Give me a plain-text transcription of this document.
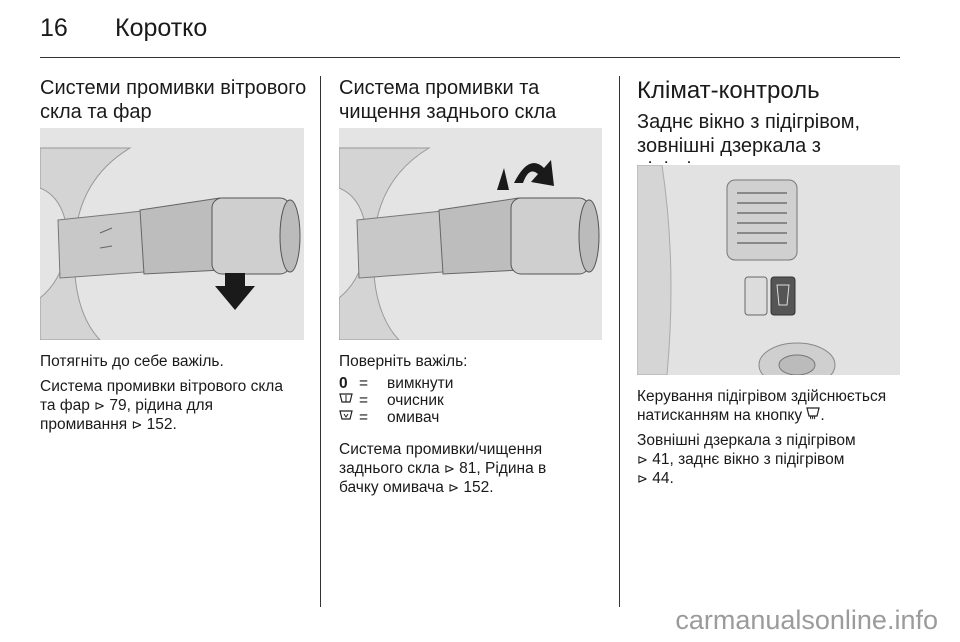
16 Коротко
Системи промивки вітрового скла та фар

Потягніть до себе важіль.

Система промивки вітрового скла
та фар ⊳ 79, рідина для
промивання ⊳ 152.

Система промивки та чищення заднього скла

Поверніть важіль:

0 =	вимкнути
=	очисник
=	омивач

Система промивки/чищення
заднього скла ⊳ 81, Рідина в
бачку омивача ⊳ 152.

Клімат-контроль
Заднє вікно з підігрівом, зовнішні дзеркала з

Керування підігрівом здійснюється
натисканням на кнопку .

Зовнішні дзеркала з підігрівом
⊳ 41, заднє вікно з підігрівом
⊳ 44.

carmanualsonline.info
